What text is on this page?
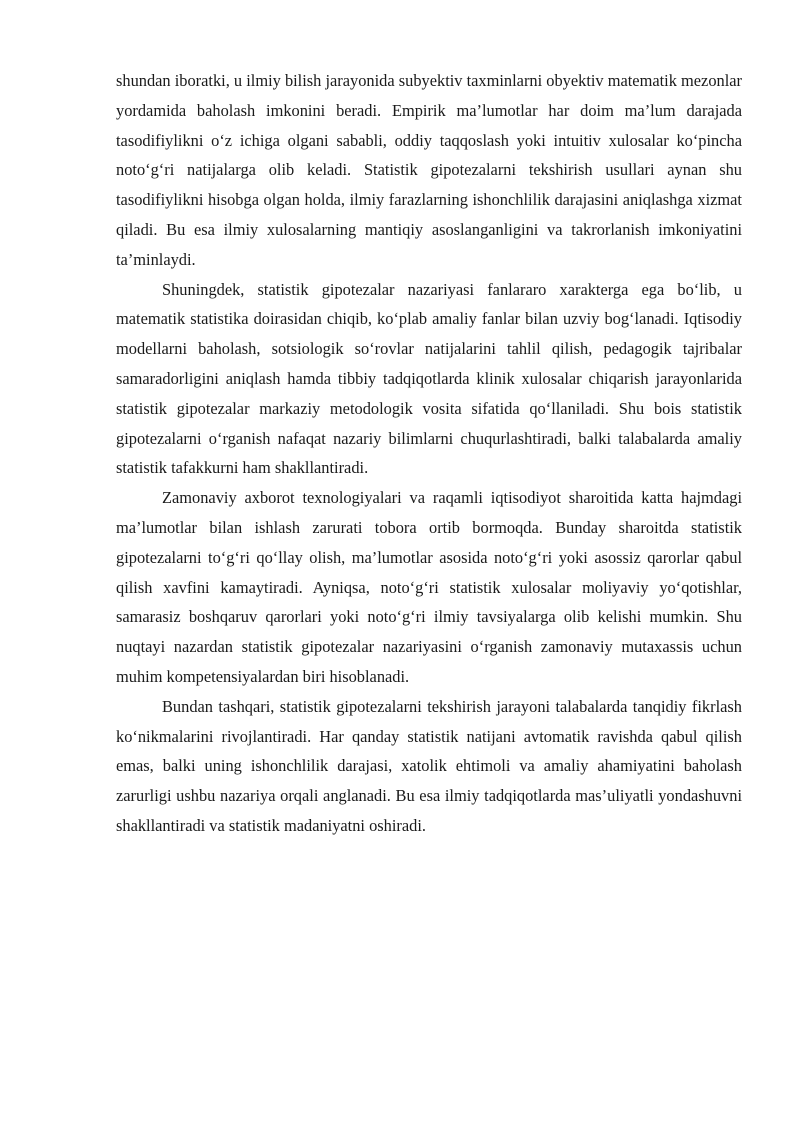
shundan iboratki, u ilmiy bilish jarayonida subyektiv taxminlarni obyektiv matematik mezonlar yordamida baholash imkonini beradi. Empirik ma’lumotlar har doim ma’lum darajada tasodifiylikni o‘z ichiga olgani sababli, oddiy taqqoslash yoki intuitiv xulosalar ko‘pincha noto‘g‘ri natijalarga olib keladi. Statistik gipotezalarni tekshirish usullari aynan shu tasodifiylikni hisobga olgan holda, ilmiy farazlarning ishonchlilik darajasini aniqlashga xizmat qiladi. Bu esa ilmiy xulosalarning mantiqiy asoslanganligini va takrorlanish imkoniyatini ta’minlaydi.

Shuningdek, statistik gipotezalar nazariyasi fanlararo xarakterga ega bo‘lib, u matematik statistika doirasidan chiqib, ko‘plab amaliy fanlar bilan uzviy bog‘lanadi. Iqtisodiy modellarni baholash, sotsiologik so‘rovlar natijalarini tahlil qilish, pedagogik tajribalar samaradorligini aniqlash hamda tibbiy tadqiqotlarda klinik xulosalar chiqarish jarayonlarida statistik gipotezalar markaziy metodologik vosita sifatida qo‘llaniladi. Shu bois statistik gipotezalarni o‘rganish nafaqat nazariy bilimlarni chuqurlashtiradi, balki talabalarda amaliy statistik tafakkurni ham shakllantiradi.

Zamonaviy axborot texnologiyalari va raqamli iqtisodiyot sharoitida katta hajmdagi ma’lumotlar bilan ishlash zarurati tobora ortib bormoqda. Bunday sharoitda statistik gipotezalarni to‘g‘ri qo‘llay olish, ma’lumotlar asosida noto‘g‘ri yoki asossiz qarorlar qabul qilish xavfini kamaytiradi. Ayniqsa, noto‘g‘ri statistik xulosalar moliyaviy yo‘qotishlar, samarasiz boshqaruv qarorlari yoki noto‘g‘ri ilmiy tavsiyalarga olib kelishi mumkin. Shu nuqtayi nazardan statistik gipotezalar nazariyasini o‘rganish zamonaviy mutaxassis uchun muhim kompetensiyalardan biri hisoblanadi.

Bundan tashqari, statistik gipotezalarni tekshirish jarayoni talabalarda tanqidiy fikrlash ko‘nikmalarini rivojlantiradi. Har qanday statistik natijani avtomatik ravishda qabul qilish emas, balki uning ishonchlilik darajasi, xatolik ehtimoli va amaliy ahamiyatini baholash zarurligi ushbu nazariya orqali anglanadi. Bu esa ilmiy tadqiqotlarda mas’uliyatli yondashuvni shakllantiradi va statistik madaniyatni oshiradi.
